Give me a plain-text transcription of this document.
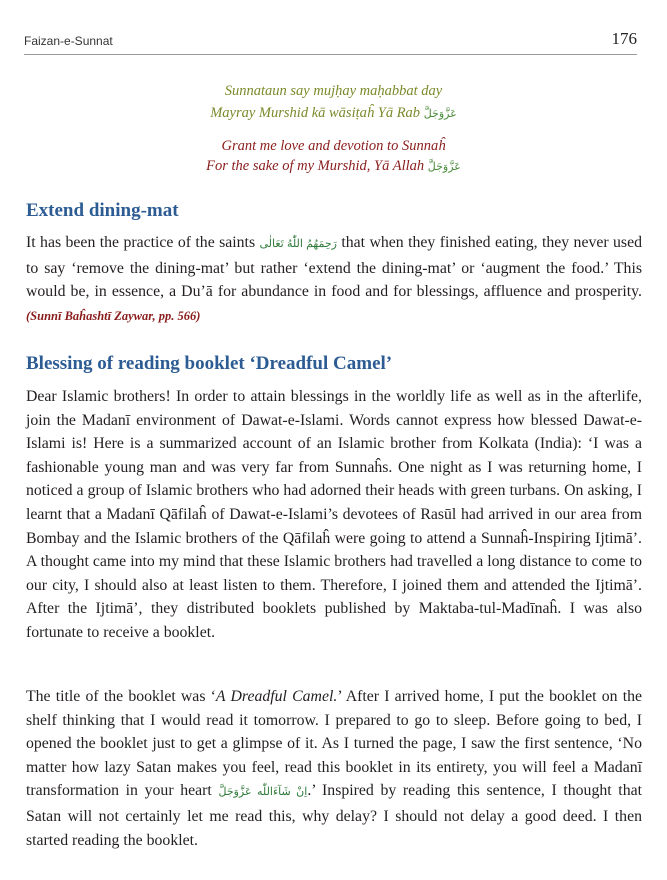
Faizan-e-Sunnat	176
Sunnataun say mujḥay maḥabbat day
Mayray Murshid kā wāsiṭaĥ Yā Rab عَزَّوَجَلَّ
Grant me love and devotion to Sunnaĥ
For the sake of my Murshid, Yā Allah عَزَّوَجَلَّ
Extend dining-mat
It has been the practice of the saints رَحِمَهُمُ اللّٰهُ تَعَالٰی that when they finished eating, they never used to say ‘remove the dining-mat’ but rather ‘extend the dining-mat’ or ‘augment the food.’ This would be, in essence, a Du’ā for abundance in food and for blessings, affluence and prosperity. (Sunnī Baĥashtī Zaywar, pp. 566)
Blessing of reading booklet ‘Dreadful Camel’
Dear Islamic brothers! In order to attain blessings in the worldly life as well as in the afterlife, join the Madanī environment of Dawat-e-Islami. Words cannot express how blessed Dawat-e-Islami is! Here is a summarized account of an Islamic brother from Kolkata (India): ‘I was a fashionable young man and was very far from Sunnaĥs. One night as I was returning home, I noticed a group of Islamic brothers who had adorned their heads with green turbans. On asking, I learnt that a Madanī Qāfilaĥ of Dawat-e-Islami’s devotees of Rasūl had arrived in our area from Bombay and the Islamic brothers of the Qāfilaĥ were going to attend a Sunnaĥ-Inspiring Ijtimā’. A thought came into my mind that these Islamic brothers had travelled a long distance to come to our city, I should also at least listen to them. Therefore, I joined them and attended the Ijtimā’. After the Ijtimā’, they distributed booklets published by Maktaba-tul-Madīnaĥ. I was also fortunate to receive a booklet.
The title of the booklet was ‘A Dreadful Camel.’ After I arrived home, I put the booklet on the shelf thinking that I would read it tomorrow. I prepared to go to sleep. Before going to bed, I opened the booklet just to get a glimpse of it. As I turned the page, I saw the first sentence, ‘No matter how lazy Satan makes you feel, read this booklet in its entirety, you will feel a Madanī transformation in your heart اِنْ شَآءَاللّٰه عَزَّوَجَلَّ.’ Inspired by reading this sentence, I thought that Satan will not certainly let me read this, why delay? I should not delay a good deed. I then started reading the booklet.
